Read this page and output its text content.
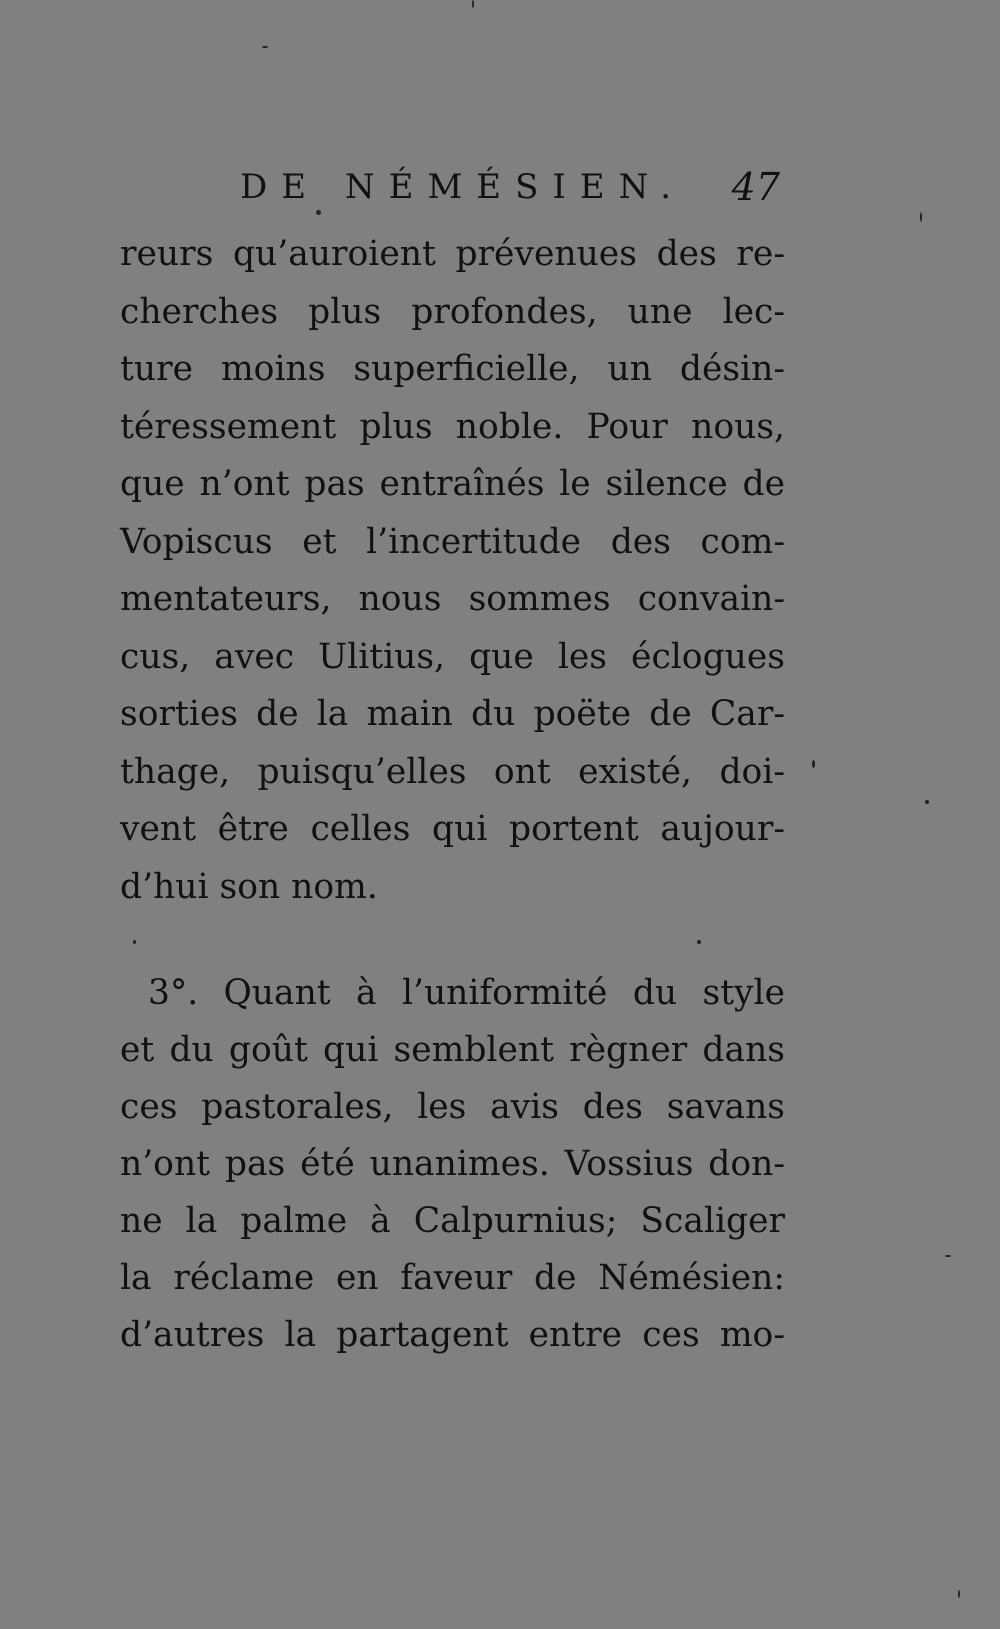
DE NÉMÉSIEN. 47
reurs qu’auroient prévenues des re-
cherches plus profondes, une lec-
ture moins superficielle, un désin-
téressement plus noble. Pour nous,
que n’ont pas entraînés le silence de
Vopiscus et l’incertitude des com-
mentateurs, nous sommes convain-
cus, avec Ulitius, que les éclogues
sorties de la main du poëte de Car-
thage, puisqu’elles ont existé, doi-
vent être celles qui portent aujour-
d’hui son nom.
3°. Quant à l’uniformité du style
et du goût qui semblent règner dans
ces pastorales, les avis des savans
n’ont pas été unanimes. Vossius don-
ne la palme à Calpurnius; Scaliger
la réclame en faveur de Némésien:
d’autres la partagent entre ces mo-
